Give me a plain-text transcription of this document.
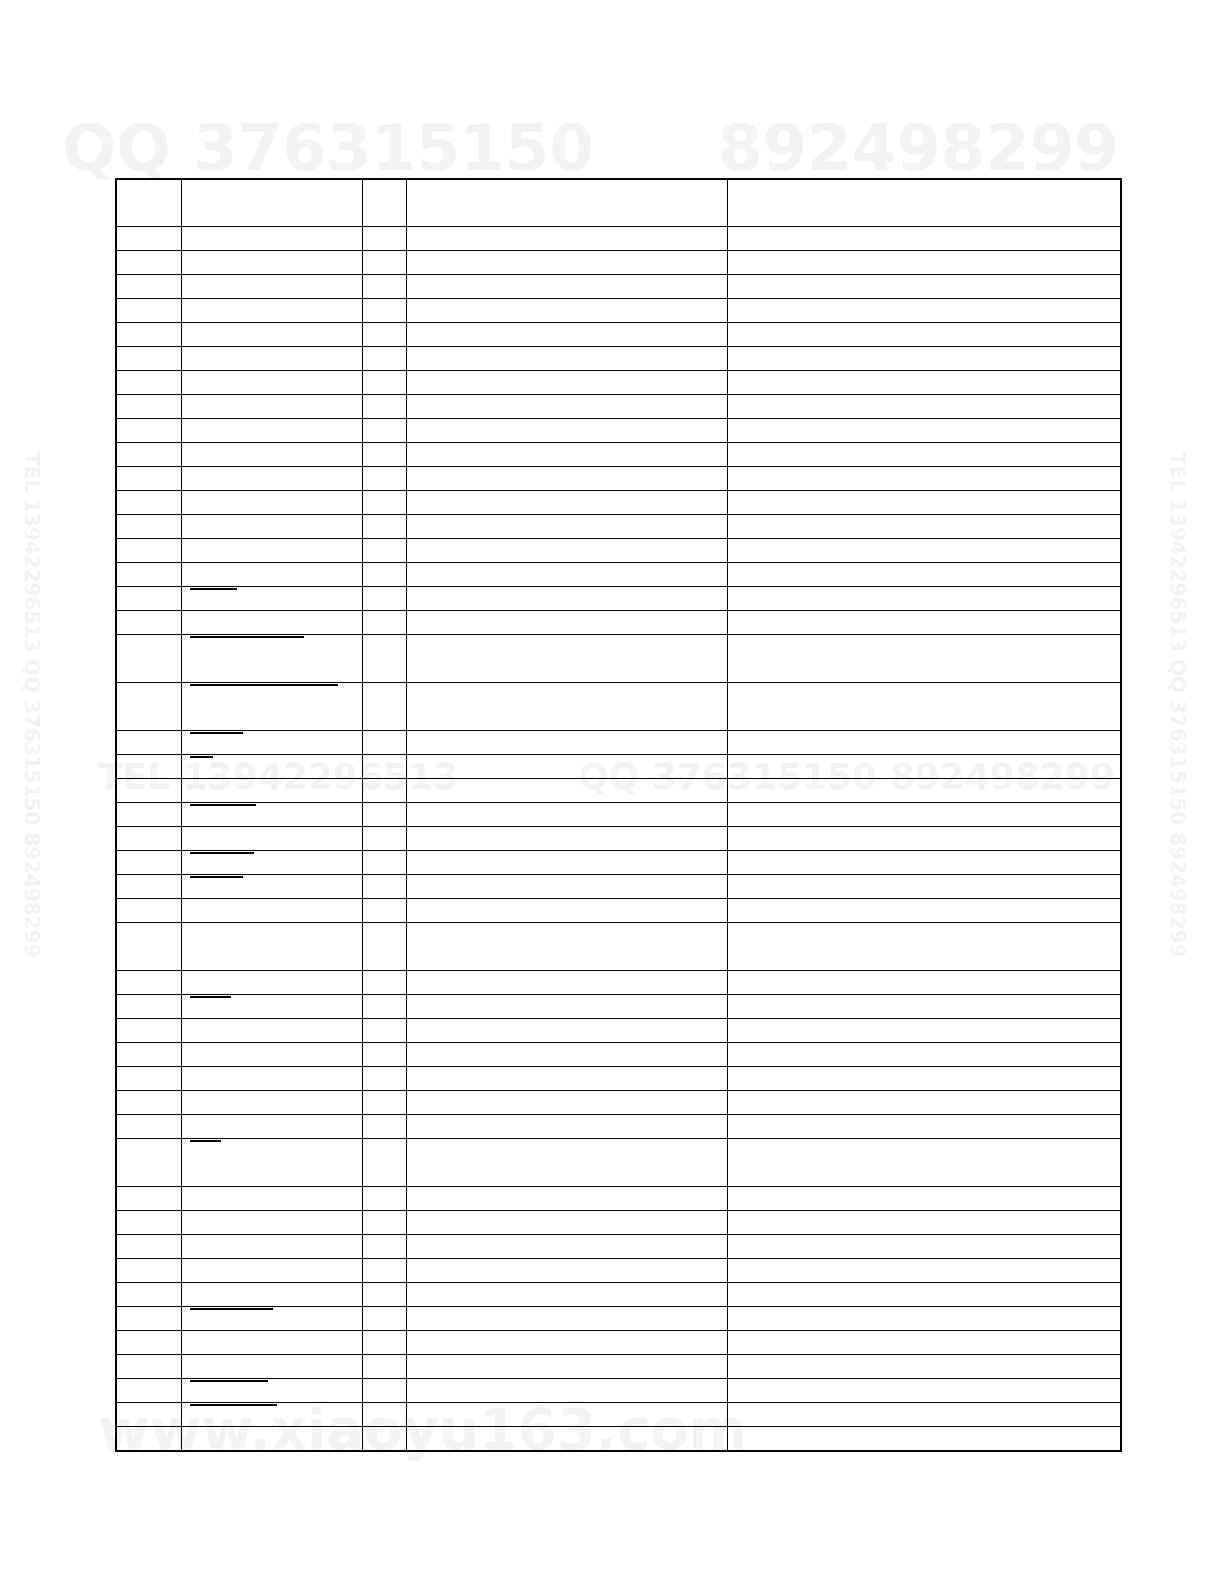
QQ 376315150 892498299
TEL 13942296513	QQ 376315150 892498299
www.xiaoyu163.com
TEL 13942296513 QQ 376315150 892498299	TEL 13942296513 QQ 376315150 892498299
